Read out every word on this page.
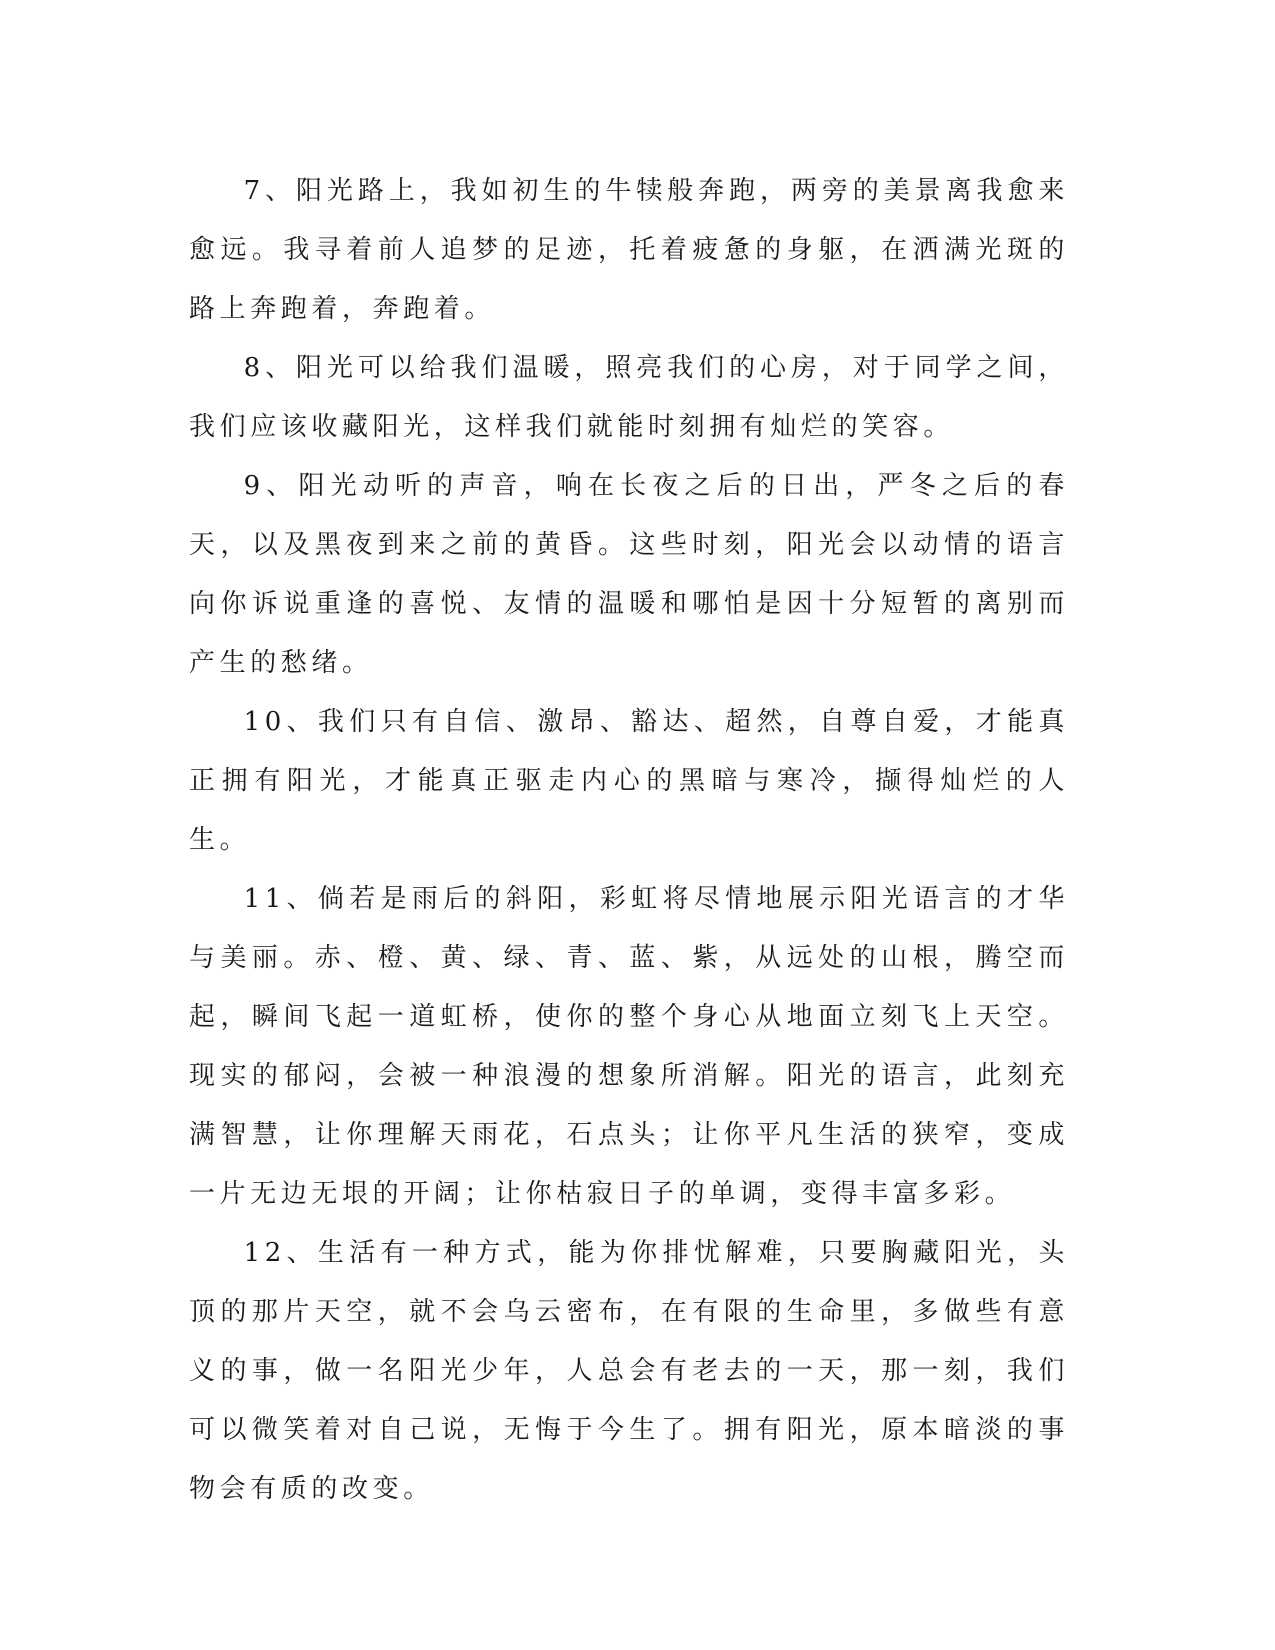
7、阳光路上，我如初生的牛犊般奔跑，两旁的美景离我愈来愈远。我寻着前人追梦的足迹，托着疲惫的身躯，在洒满光斑的路上奔跑着，奔跑着。

8、阳光可以给我们温暖，照亮我们的心房，对于同学之间，我们应该收藏阳光，这样我们就能时刻拥有灿烂的笑容。

9、阳光动听的声音，响在长夜之后的日出，严冬之后的春天，以及黑夜到来之前的黄昏。这些时刻，阳光会以动情的语言向你诉说重逢的喜悦、友情的温暖和哪怕是因十分短暂的离别而产生的愁绪。

10、我们只有自信、激昂、豁达、超然，自尊自爱，才能真正拥有阳光，才能真正驱走内心的黑暗与寒冷，撷得灿烂的人生。

11、倘若是雨后的斜阳，彩虹将尽情地展示阳光语言的才华与美丽。赤、橙、黄、绿、青、蓝、紫，从远处的山根，腾空而起，瞬间飞起一道虹桥，使你的整个身心从地面立刻飞上天空。现实的郁闷，会被一种浪漫的想象所消解。阳光的语言，此刻充满智慧，让你理解天雨花，石点头；让你平凡生活的狭窄，变成一片无边无垠的开阔；让你枯寂日子的单调，变得丰富多彩。

12、生活有一种方式，能为你排忧解难，只要胸藏阳光，头顶的那片天空，就不会乌云密布，在有限的生命里，多做些有意义的事，做一名阳光少年，人总会有老去的一天，那一刻，我们可以微笑着对自己说，无悔于今生了。拥有阳光，原本暗淡的事物会有质的改变。
